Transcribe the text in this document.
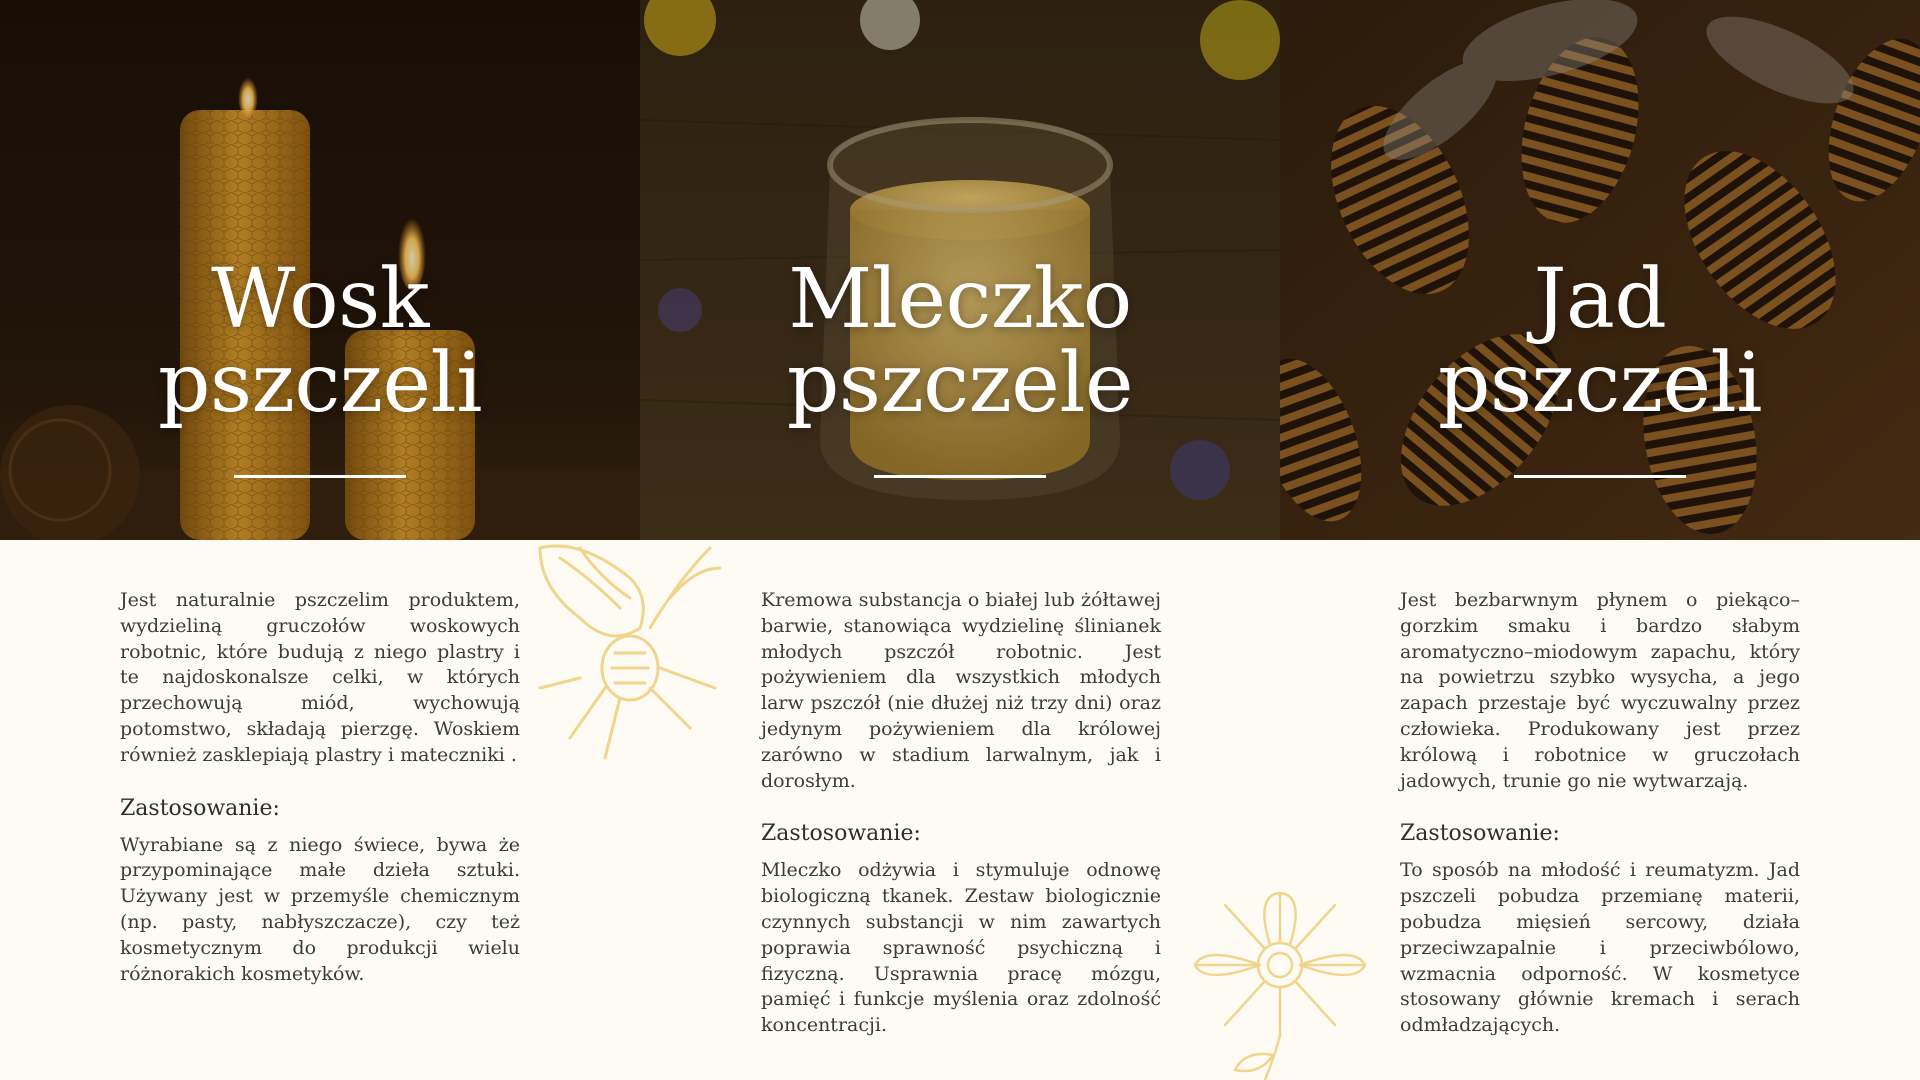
Wosk
pszczeli
Mleczko
pszczele
Jad
pszczeli

Jest naturalnie pszczelim produktem, wydzieliną gruczołów woskowych robotnic, które budują z niego plastry i te najdoskonalsze celki, w których przechowują miód, wychowują potomstwo, składają pierzgę. Woskiem również zasklepiają plastry i mateczniki .

Zastosowanie:

Wyrabiane są z niego świece, bywa że przypominające małe dzieła sztuki. Używany jest w przemyśle chemicznym (np. pasty, nabłyszczacze), czy też kosmetycznym do produkcji wielu różnorakich kosmetyków.

Kremowa substancja o białej lub żółtawej barwie, stanowiąca wydzielinę ślinianek młodych pszczół robotnic. Jest pożywieniem dla wszystkich młodych larw pszczół (nie dłużej niż trzy dni) oraz jedynym pożywieniem dla królowej zarówno w stadium larwalnym, jak i dorosłym.

Zastosowanie:

Mleczko odżywia i stymuluje odnowę biologiczną tkanek. Zestaw biologicznie czynnych substancji w nim zawartych poprawia sprawność psychiczną i fizyczną. Usprawnia pracę mózgu, pamięć i funkcje myślenia oraz zdolność koncentracji.

Jest bezbarwnym płynem o piekąco–gorzkim smaku i bardzo słabym aromatyczno–miodowym zapachu, który na powietrzu szybko wysycha, a jego zapach przestaje być wyczuwalny przez człowieka. Produkowany jest przez królową i robotnice w gruczołach jadowych, trunie go nie wytwarzają.

Zastosowanie:

To sposób na młodość i reumatyzm. Jad pszczeli pobudza przemianę materii, pobudza mięsień sercowy, działa przeciwzapalnie i przeciwbólowo, wzmacnia odporność. W kosmetyce stosowany głównie kremach i serach odmładzających.
